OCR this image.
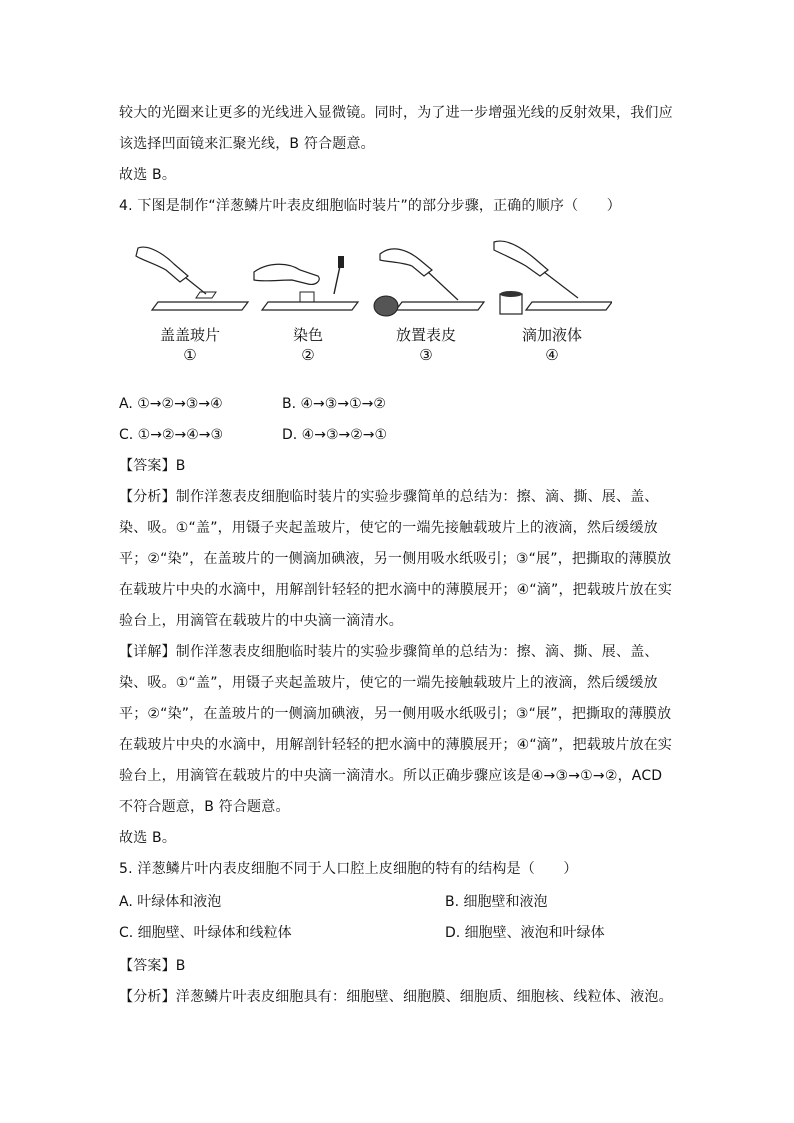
较大的光圈来让更多的光线进入显微镜。同时，为了进一步增强光线的反射效果，我们应
该选择凹面镜来汇聚光线，B 符合题意。
故选 B。
4. 下图是制作“洋葱鳞片叶表皮细胞临时装片”的部分步骤，正确的顺序（　　）
盖盖玻片
①
染色
②
放置表皮
③
滴加液体
④
A. ①→②→③→④	B. ④→③→①→②
C. ①→②→④→③	D. ④→③→②→①
【答案】B
【分析】制作洋葱表皮细胞临时装片的实验步骤简单的总结为：擦、滴、撕、展、盖、
染、吸。①“盖”，用镊子夹起盖玻片，使它的一端先接触载玻片上的液滴，然后缓缓放
平；②“染”，在盖玻片的一侧滴加碘液，另一侧用吸水纸吸引；③“展”，把撕取的薄膜放
在载玻片中央的水滴中，用解剖针轻轻的把水滴中的薄膜展开；④“滴”，把载玻片放在实
验台上，用滴管在载玻片的中央滴一滴清水。
【详解】制作洋葱表皮细胞临时装片的实验步骤简单的总结为：擦、滴、撕、展、盖、
染、吸。①“盖”，用镊子夹起盖玻片，使它的一端先接触载玻片上的液滴，然后缓缓放
平；②“染”，在盖玻片的一侧滴加碘液，另一侧用吸水纸吸引；③“展”，把撕取的薄膜放
在载玻片中央的水滴中，用解剖针轻轻的把水滴中的薄膜展开；④“滴”，把载玻片放在实
验台上，用滴管在载玻片的中央滴一滴清水。所以正确步骤应该是④→③→①→②，ACD
不符合题意，B 符合题意。
故选 B。
5. 洋葱鳞片叶内表皮细胞不同于人口腔上皮细胞的特有的结构是（　　）
A. 叶绿体和液泡	B. 细胞壁和液泡
C. 细胞壁、叶绿体和线粒体	D. 细胞壁、液泡和叶绿体
【答案】B
【分析】洋葱鳞片叶表皮细胞具有：细胞壁、细胞膜、细胞质、细胞核、线粒体、液泡。
